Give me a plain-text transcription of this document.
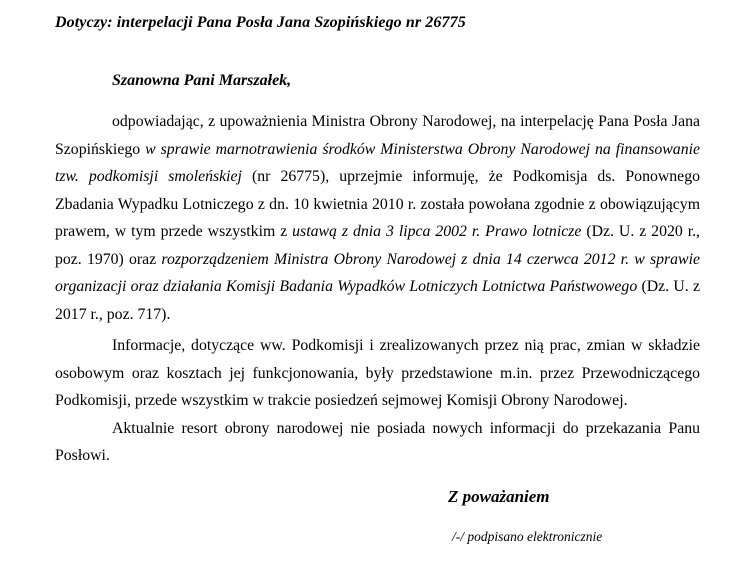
Dotyczy: interpelacji Pana Posła Jana Szopińskiego nr 26775
Szanowna Pani Marszałek,

odpowiadając, z upoważnienia Ministra Obrony Narodowej, na interpelację Pana Posła Jana Szopińskiego w sprawie marnotrawienia środków Ministerstwa Obrony Narodowej na finansowanie tzw. podkomisji smoleńskiej (nr 26775), uprzejmie informuję, że Podkomisja ds. Ponownego Zbadania Wypadku Lotniczego z dn. 10 kwietnia 2010 r. została powołana zgodnie z obowiązującym prawem, w tym przede wszystkim z ustawą z dnia 3 lipca 2002 r. Prawo lotnicze (Dz. U. z 2020 r., poz. 1970) oraz rozporządzeniem Ministra Obrony Narodowej z dnia 14 czerwca 2012 r. w sprawie organizacji oraz działania Komisji Badania Wypadków Lotniczych Lotnictwa Państwowego (Dz. U. z 2017 r., poz. 717).

Informacje, dotyczące ww. Podkomisji i zrealizowanych przez nią prac, zmian w składzie osobowym oraz kosztach jej funkcjonowania, były przedstawione m.in. przez Przewodniczącego Podkomisji, przede wszystkim w trakcie posiedzeń sejmowej Komisji Obrony Narodowej.

Aktualnie resort obrony narodowej nie posiada nowych informacji do przekazania Panu Posłowi.

Z poważaniem
/-/ podpisano elektronicznie
